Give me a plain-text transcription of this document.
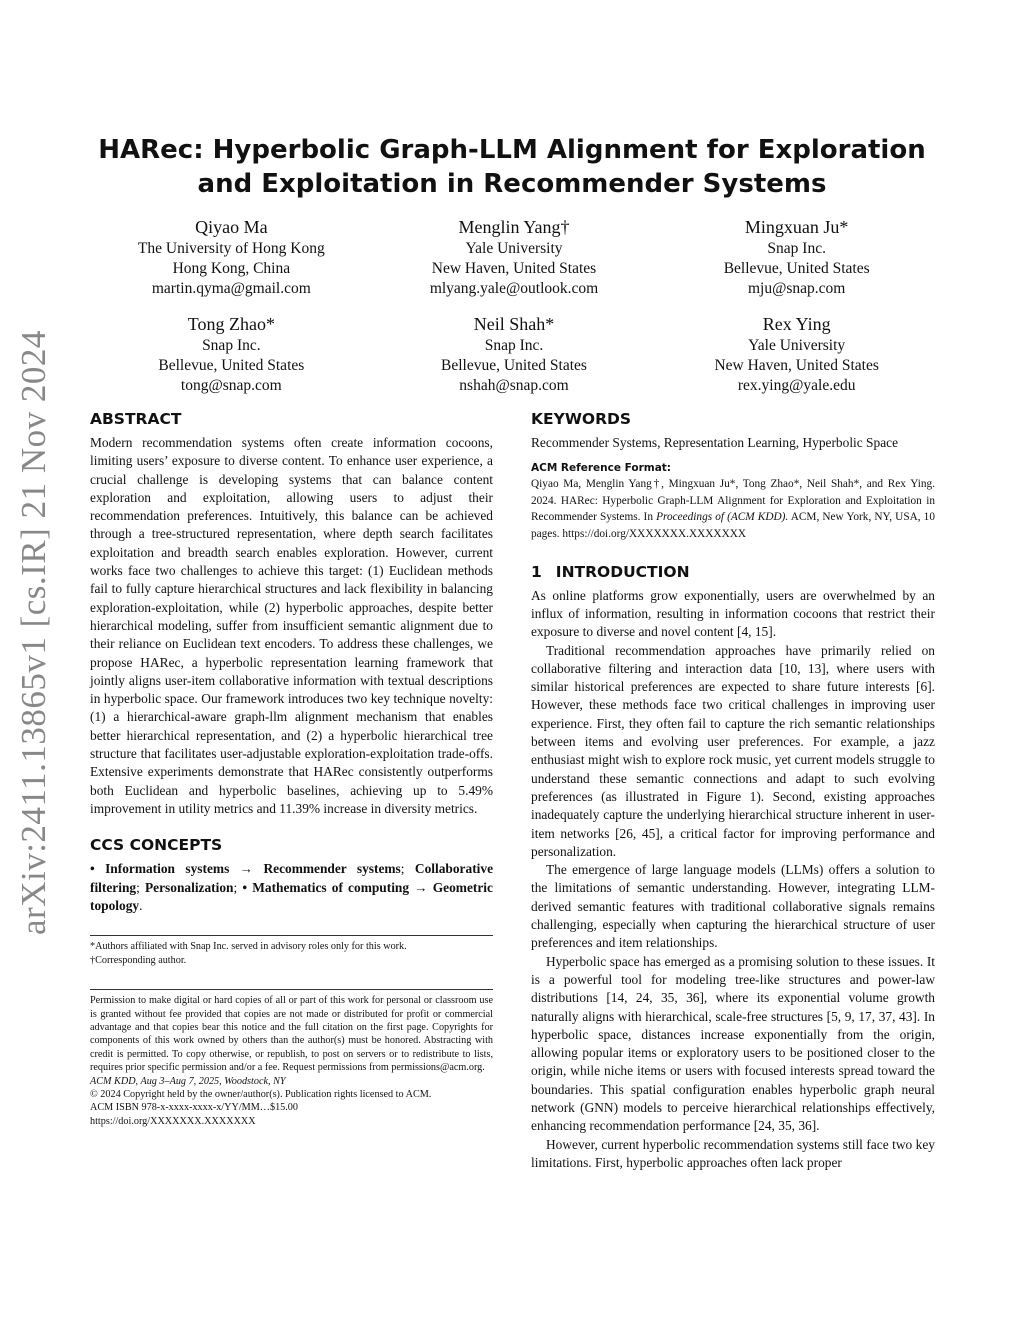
arXiv:2411.13865v1 [cs.IR] 21 Nov 2024
HARec: Hyperbolic Graph-LLM Alignment for Exploration and Exploitation in Recommender Systems
Qiyao Ma
The University of Hong Kong
Hong Kong, China
martin.qyma@gmail.com
Menglin Yang†
Yale University
New Haven, United States
mlyang.yale@outlook.com
Mingxuan Ju*
Snap Inc.
Bellevue, United States
mju@snap.com
Tong Zhao*
Snap Inc.
Bellevue, United States
tong@snap.com
Neil Shah*
Snap Inc.
Bellevue, United States
nshah@snap.com
Rex Ying
Yale University
New Haven, United States
rex.ying@yale.edu
ABSTRACT

Modern recommendation systems often create information cocoons, limiting users’ exposure to diverse content. To enhance user experience, a crucial challenge is developing systems that can balance content exploration and exploitation, allowing users to adjust their recommendation preferences. Intuitively, this balance can be achieved through a tree-structured representation, where depth search facilitates exploitation and breadth search enables exploration. However, current works face two challenges to achieve this target: (1) Euclidean methods fail to fully capture hierarchical structures and lack flexibility in balancing exploration-exploitation, while (2) hyperbolic approaches, despite better hierarchical modeling, suffer from insufficient semantic alignment due to their reliance on Euclidean text encoders. To address these challenges, we propose HARec, a hyperbolic representation learning framework that jointly aligns user-item collaborative information with textual descriptions in hyperbolic space. Our framework introduces two key technique novelty: (1) a hierarchical-aware graph-llm alignment mechanism that enables better hierarchical representation, and (2) a hyperbolic hierarchical tree structure that facilitates user-adjustable exploration-exploitation trade-offs. Extensive experiments demonstrate that HARec consistently outperforms both Euclidean and hyperbolic baselines, achieving up to 5.49% improvement in utility metrics and 11.39% increase in diversity metrics.

CCS CONCEPTS

• Information systems → Recommender systems; Collaborative filtering; Personalization; • Mathematics of computing → Geometric topology.

*Authors affiliated with Snap Inc. served in advisory roles only for this work.

†Corresponding author.

Permission to make digital or hard copies of all or part of this work for personal or classroom use is granted without fee provided that copies are not made or distributed for profit or commercial advantage and that copies bear this notice and the full citation on the first page. Copyrights for components of this work owned by others than the author(s) must be honored. Abstracting with credit is permitted. To copy otherwise, or republish, to post on servers or to redistribute to lists, requires prior specific permission and/or a fee. Request permissions from permissions@acm.org.

ACM KDD, Aug 3–Aug 7, 2025, Woodstock, NY

© 2024 Copyright held by the owner/author(s). Publication rights licensed to ACM.

ACM ISBN 978-x-xxxx-xxxx-x/YY/MM…$15.00

https://doi.org/XXXXXXX.XXXXXXX

KEYWORDS

Recommender Systems, Representation Learning, Hyperbolic Space

ACM Reference Format:

Qiyao Ma, Menglin Yang†, Mingxuan Ju*, Tong Zhao*, Neil Shah*, and Rex Ying. 2024. HARec: Hyperbolic Graph-LLM Alignment for Exploration and Exploitation in Recommender Systems. In Proceedings of (ACM KDD). ACM, New York, NY, USA, 10 pages. https://doi.org/XXXXXXX.XXXXXXX

1 INTRODUCTION

As online platforms grow exponentially, users are overwhelmed by an influx of information, resulting in information cocoons that restrict their exposure to diverse and novel content [4, 15].

Traditional recommendation approaches have primarily relied on collaborative filtering and interaction data [10, 13], where users with similar historical preferences are expected to share future interests [6]. However, these methods face two critical challenges in improving user experience. First, they often fail to capture the rich semantic relationships between items and evolving user preferences. For example, a jazz enthusiast might wish to explore rock music, yet current models struggle to understand these semantic connections and adapt to such evolving preferences (as illustrated in Figure 1). Second, existing approaches inadequately capture the underlying hierarchical structure inherent in user-item networks [26, 45], a critical factor for improving performance and personalization.

The emergence of large language models (LLMs) offers a solution to the limitations of semantic understanding. However, integrating LLM-derived semantic features with traditional collaborative signals remains challenging, especially when capturing the hierarchical structure of user preferences and item relationships.

Hyperbolic space has emerged as a promising solution to these issues. It is a powerful tool for modeling tree-like structures and power-law distributions [14, 24, 35, 36], where its exponential volume growth naturally aligns with hierarchical, scale-free structures [5, 9, 17, 37, 43]. In hyperbolic space, distances increase exponentially from the origin, allowing popular items or exploratory users to be positioned closer to the origin, while niche items or users with focused interests spread toward the boundaries. This spatial configuration enables hyperbolic graph neural network (GNN) models to perceive hierarchical relationships effectively, enhancing recommendation performance [24, 35, 36].

However, current hyperbolic recommendation systems still face two key limitations. First, hyperbolic approaches often lack proper
